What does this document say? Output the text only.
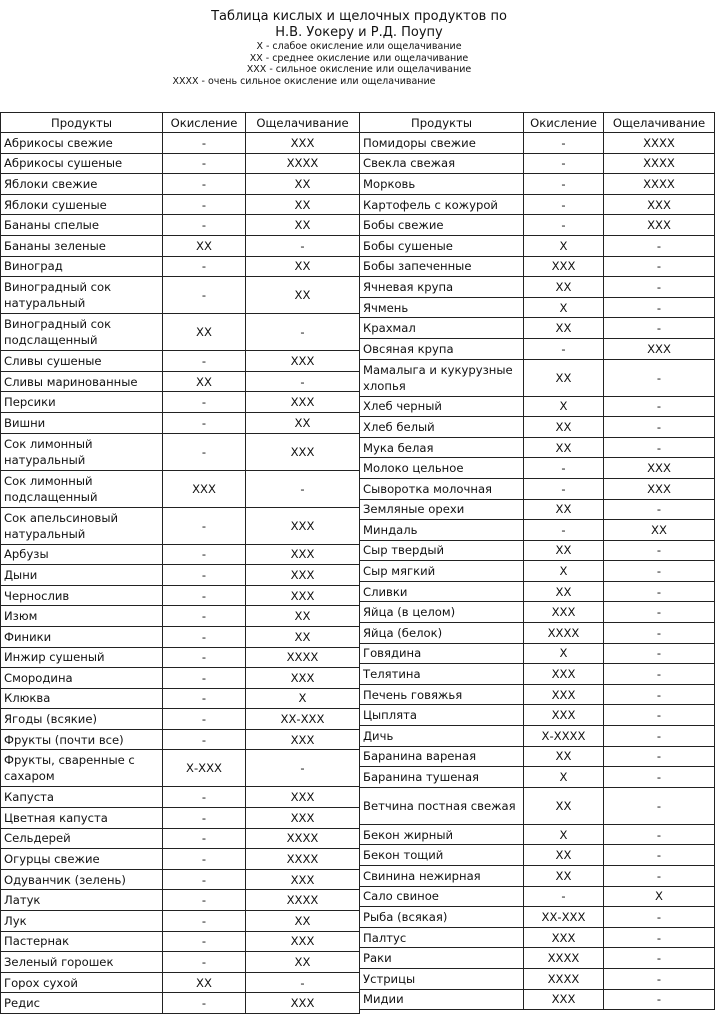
Таблица кислых и щелочных продуктов по
Н.В. Уокеру и Р.Д. Поупу
Х - слабое окисление или ощелачивание
ХХ - среднее окисление или ощелачивание
ХХХ - сильное окисление или ощелачивание
ХХХХ - очень сильное окисление или ощелачивание
Продукты	Окисление	Ощелачивание
Абрикосы свежие	-	ХХХ
Абрикосы сушеные	-	ХХХХ
Яблоки свежие	-	ХХ
Яблоки сушеные	-	ХХ
Бананы спелые	-	ХХ
Бананы зеленые	ХХ	-
Виноград	-	ХХ
Виноградный сок натуральный	-	ХХ
Виноградный сок подслащенный	ХХ	-
Сливы сушеные	-	ХХХ
Сливы маринованные	ХХ	-
Персики	-	ХХХ
Вишни	-	ХХ
Сок лимонный натуральный	-	ХХХ
Сок лимонный подслащенный	ХХХ	-
Сок апельсиновый натуральный	-	ХХХ
Арбузы	-	ХХХ
Дыни	-	ХХХ
Чернослив	-	ХХХ
Изюм	-	ХХ
Финики	-	ХХ
Инжир сушеный	-	ХХХХ
Смородина	-	ХХХ
Клюква	-	Х
Ягоды (всякие)	-	ХХ-ХХХ
Фрукты (почти все)	-	ХХХ
Фрукты, сваренные с сахаром	Х-ХХХ	-
Капуста	-	ХХХ
Цветная капуста	-	ХХХ
Сельдерей	-	ХХХХ
Огурцы свежие	-	ХХХХ
Одуванчик (зелень)	-	ХХХ
Латук	-	ХХХХ
Лук	-	ХХ
Пастернак	-	ХХХ
Зеленый горошек	-	ХХ
Горох сухой	ХХ	-
Редис	-	ХХХ
Продукты	Окисление	Ощелачивание
Помидоры свежие	-	ХХХХ
Свекла свежая	-	ХХХХ
Морковь	-	ХХХХ
Картофель с кожурой	-	ХХХ
Бобы свежие	-	ХХХ
Бобы сушеные	Х	-
Бобы запеченные	ХХХ	-
Ячневая крупа	ХХ	-
Ячмень	Х	-
Крахмал	ХХ	-
Овсяная крупа	-	ХХХ
Мамалыга и кукурузные хлопья	ХХ	-
Хлеб черный	Х	-
Хлеб белый	ХХ	-
Мука белая	ХХ	-
Молоко цельное	-	ХХХ
Сыворотка молочная	-	ХХХ
Земляные орехи	ХХ	-
Миндаль	-	ХХ
Сыр твердый	ХХ	-
Сыр мягкий	Х	-
Сливки	ХХ	-
Яйца (в целом)	ХХХ	-
Яйца (белок)	ХХХХ	-
Говядина	Х	-
Телятина	ХХХ	-
Печень говяжья	ХХХ	-
Цыплята	ХХХ	-
Дичь	Х-ХХХХ	-
Баранина вареная	ХХ	-
Баранина тушеная	Х	-
Ветчина постная свежая	ХХ	-
Бекон жирный	Х	-
Бекон тощий	ХХ	-
Свинина нежирная	ХХ	-
Сало свиное	-	Х
Рыба (всякая)	ХХ-ХХХ	-
Палтус	ХХХ	-
Раки	ХХХХ	-
Устрицы	ХХХХ	-
Мидии	ХХХ	-
